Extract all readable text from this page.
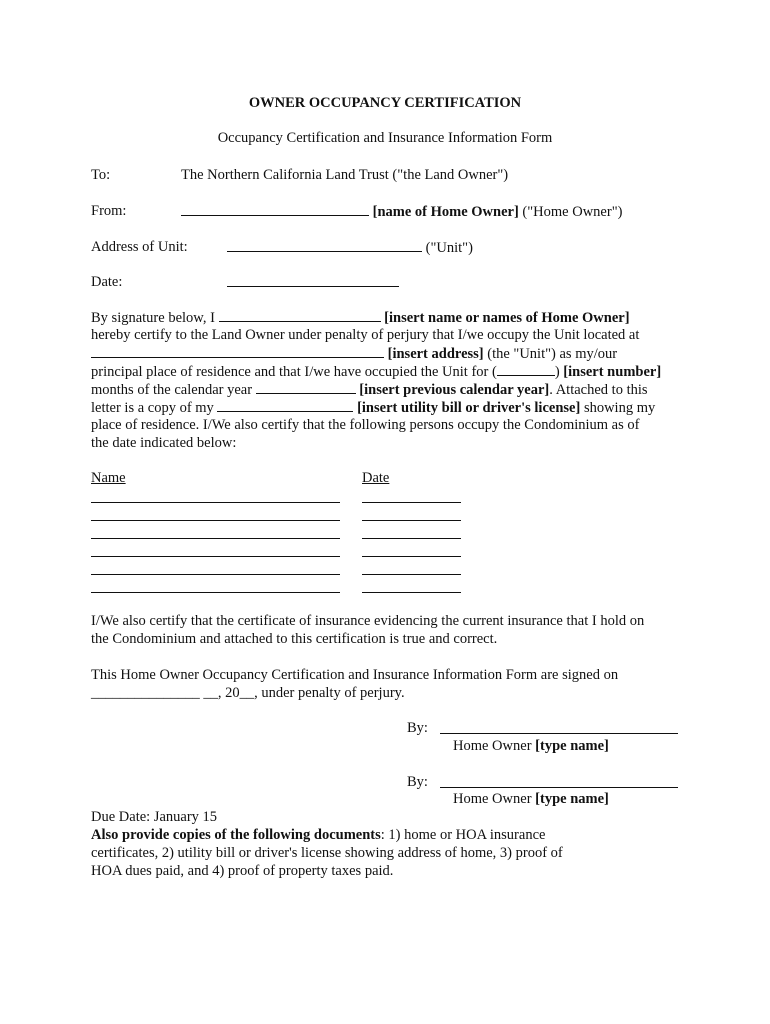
OWNER OCCUPANCY CERTIFICATION
Occupancy Certification and Insurance Information Form
To:	The Northern California Land Trust ("the Land Owner")
From:	[name of Home Owner] ("Home Owner")
Address of Unit:	("Unit")
Date:
By signature below, I	[insert name or names of Home Owner]
hereby certify to the Land Owner under penalty of perjury that I/we occupy the Unit located at
[insert address] (the "Unit") as my/our
principal place of residence and that I/we have occupied the Unit for (	) [insert number]
months of the calendar year	[insert previous calendar year]. Attached to this
letter is a copy of my	[insert utility bill or driver's license] showing my
place of residence. I/We also certify that the following persons occupy the Condominium as of
the date indicated below:
Name	Date
I/We also certify that the certificate of insurance evidencing the current insurance that I hold on
the Condominium and attached to this certification is true and correct.
This Home Owner Occupancy Certification and Insurance Information Form are signed on
_______________ __, 20__, under penalty of perjury.
By:
Home Owner [type name]
By:
Home Owner [type name]
Due Date: January 15
Also provide copies of the following documents: 1) home or HOA insurance
certificates, 2) utility bill or driver's license showing address of home, 3) proof of
HOA dues paid, and 4) proof of property taxes paid.
